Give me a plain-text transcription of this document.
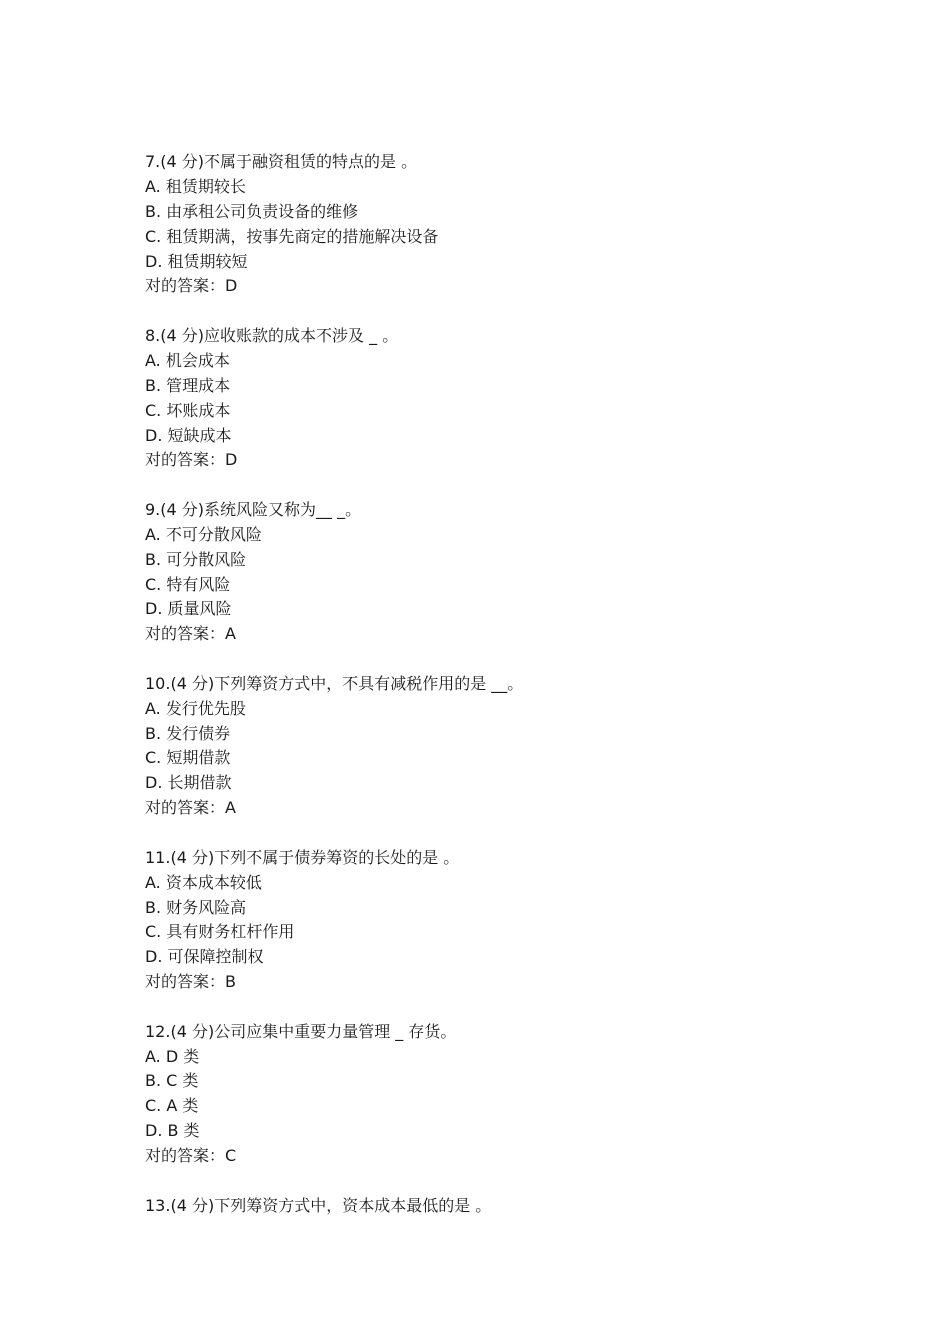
7.(4 分)不属于融资租赁的特点的是 。
A. 租赁期较长
B. 由承租公司负责设备的维修
C. 租赁期满，按事先商定的措施解决设备
D. 租赁期较短
对的答案：D
8.(4 分)应收账款的成本不涉及 _ 。
A. 机会成本
B. 管理成本
C. 坏账成本
D. 短缺成本
对的答案：D
9.(4 分)系统风险又称为__ _。
A. 不可分散风险
B. 可分散风险
C. 特有风险
D. 质量风险
对的答案：A
10.(4 分)下列筹资方式中，不具有减税作用的是 __。
A. 发行优先股
B. 发行债券
C. 短期借款
D. 长期借款
对的答案：A
11.(4 分)下列不属于债券筹资的长处的是 。
A. 资本成本较低
B. 财务风险高
C. 具有财务杠杆作用
D. 可保障控制权
对的答案：B
12.(4 分)公司应集中重要力量管理 _ 存货。
A. D 类
B. C 类
C. A 类
D. B 类
对的答案：C
13.(4 分)下列筹资方式中，资本成本最低的是 。
